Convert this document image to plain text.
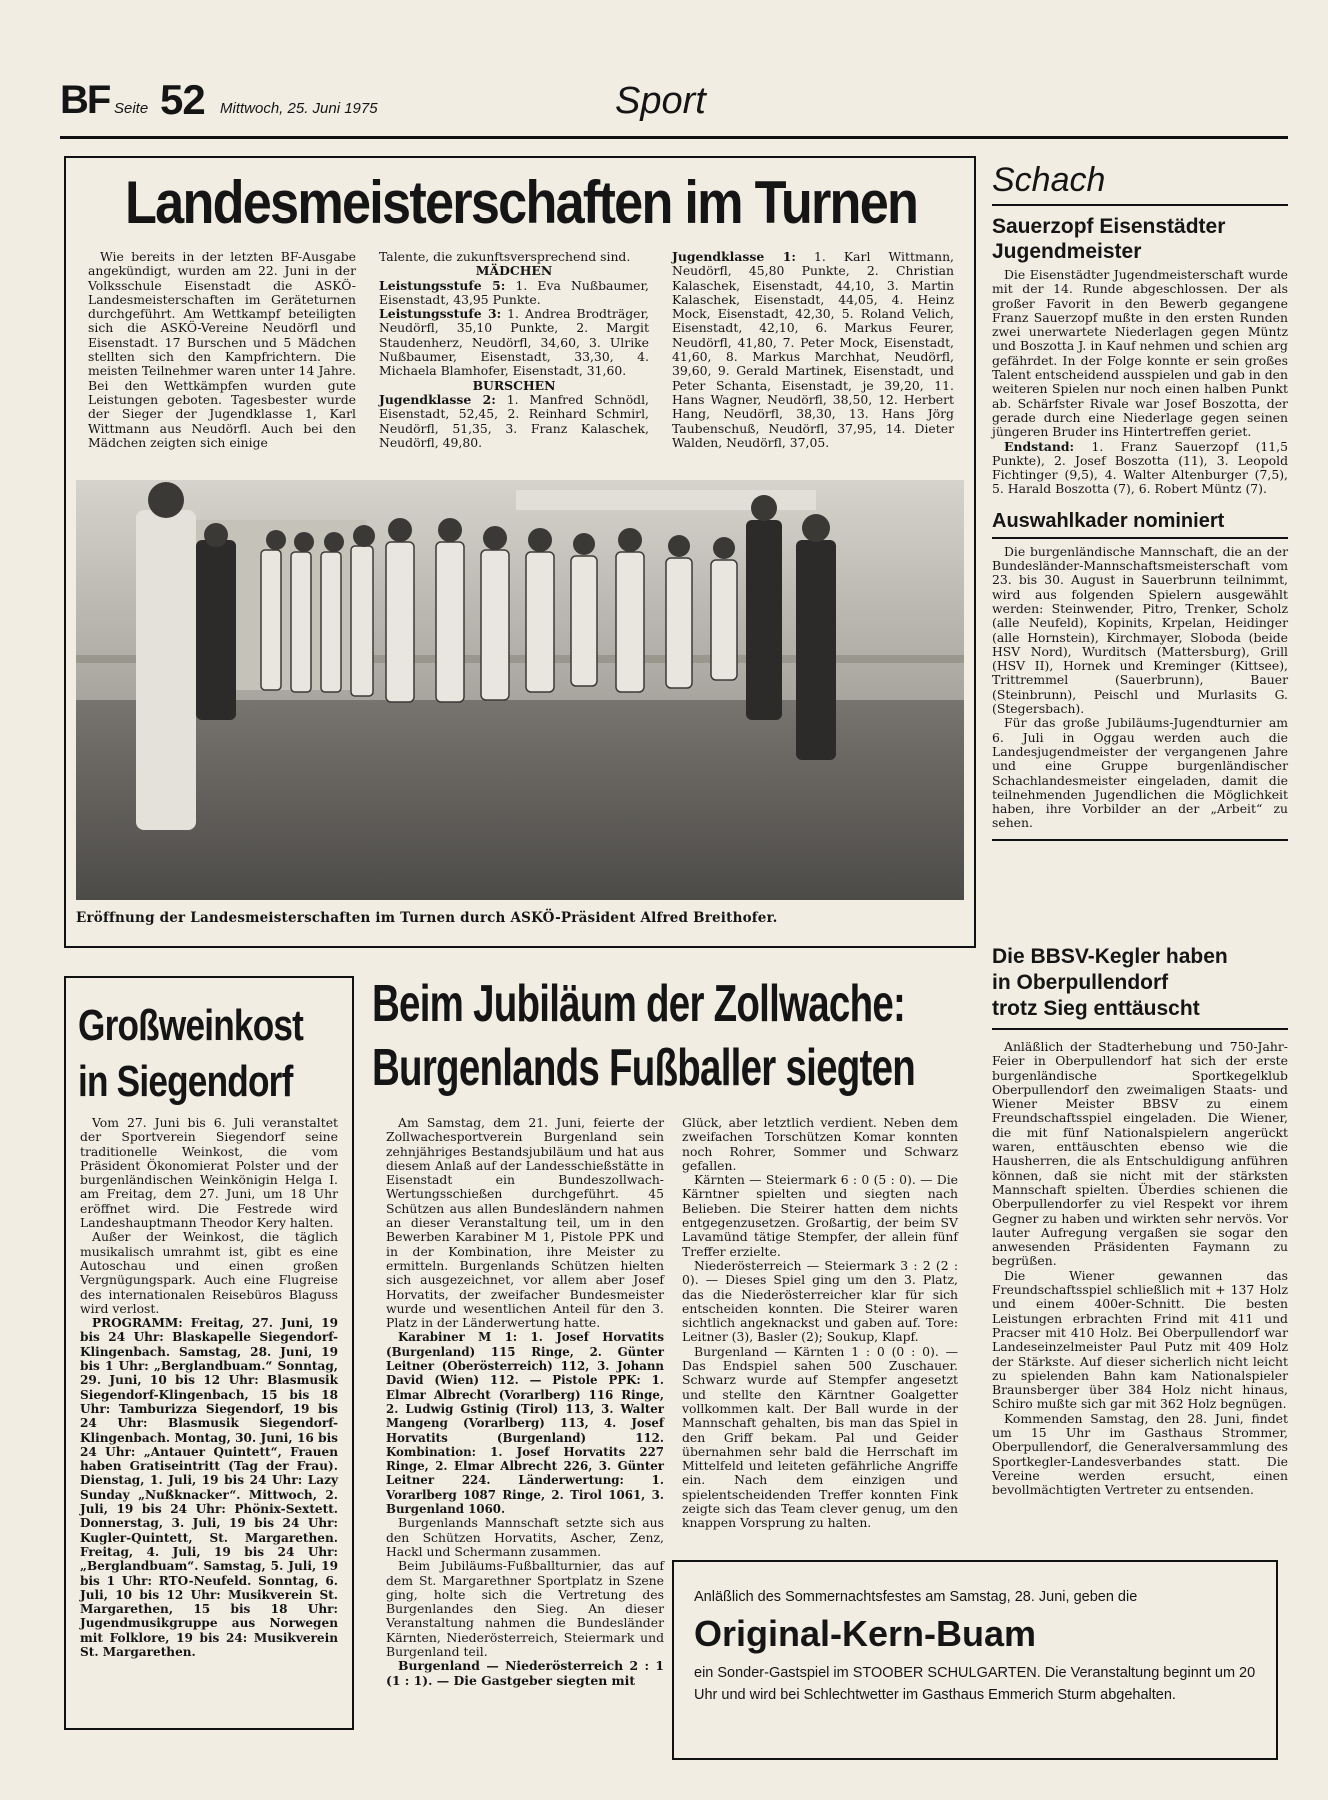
BF Seite 52 Mittwoch, 25. Juni 1975	Sport
Landesmeisterschaften im Turnen

Wie bereits in der letzten BF-Ausgabe angekündigt, wurden am 22. Juni in der Volksschule Eisenstadt die ASKÖ-Landesmeisterschaften im Geräteturnen durchgeführt. Am Wettkampf beteiligten sich die ASKÖ-Vereine Neudörfl und Eisenstadt. 17 Burschen und 5 Mädchen stellten sich den Kampfrichtern. Die meisten Teilnehmer waren unter 14 Jahre. Bei den Wettkämpfen wurden gute Leistungen geboten. Tagesbester wurde der Sieger der Jugendklasse 1, Karl Wittmann aus Neudörfl. Auch bei den Mädchen zeigten sich einige

Talente, die zukunftsversprechend sind.

MÄDCHEN

Leistungsstufe 5: 1. Eva Nußbaumer, Eisenstadt, 43,95 Punkte.

Leistungsstufe 3: 1. Andrea Brodträger, Neudörfl, 35,10 Punkte, 2. Margit Staudenherz, Neudörfl, 34,60, 3. Ulrike Nußbaumer, Eisenstadt, 33,30, 4. Michaela Blamhofer, Eisenstadt, 31,60.

BURSCHEN

Jugendklasse 2: 1. Manfred Schnödl, Eisenstadt, 52,45, 2. Reinhard Schmirl, Neudörfl, 51,35, 3. Franz Kalaschek, Neudörfl, 49,80.

Jugendklasse 1: 1. Karl Wittmann, Neudörfl, 45,80 Punkte, 2. Christian Kalaschek, Eisenstadt, 44,10, 3. Martin Kalaschek, Eisenstadt, 44,05, 4. Heinz Mock, Eisenstadt, 42,30, 5. Roland Velich, Eisenstadt, 42,10, 6. Markus Feurer, Neudörfl, 41,80, 7. Peter Mock, Eisenstadt, 41,60, 8. Markus Marchhat, Neudörfl, 39,60, 9. Gerald Martinek, Eisenstadt, und Peter Schanta, Eisenstadt, je 39,20, 11. Hans Wagner, Neudörfl, 38,50, 12. Herbert Hang, Neudörfl, 38,30, 13. Hans Jörg Taubenschuß, Neudörfl, 37,95, 14. Dieter Walden, Neudörfl, 37,05.

Eröffnung der Landesmeisterschaften im Turnen durch ASKÖ-Präsident Alfred Breithofer.
Schach
Sauerzopf Eisenstädter Jugendmeister

Die Eisenstädter Jugendmeisterschaft wurde mit der 14. Runde abgeschlossen. Der als großer Favorit in den Bewerb gegangene Franz Sauerzopf mußte in den ersten Runden zwei unerwartete Niederlagen gegen Müntz und Boszotta J. in Kauf nehmen und schien arg gefährdet. In der Folge konnte er sein großes Talent entscheidend ausspielen und gab in den weiteren Spielen nur noch einen halben Punkt ab. Schärfster Rivale war Josef Boszotta, der gerade durch eine Niederlage gegen seinen jüngeren Bruder ins Hintertreffen geriet.

Endstand: 1. Franz Sauerzopf (11,5 Punkte), 2. Josef Boszotta (11), 3. Leopold Fichtinger (9,5), 4. Walter Altenburger (7,5), 5. Harald Boszotta (7), 6. Robert Müntz (7).

Auswahlkader nominiert

Die burgenländische Mannschaft, die an der Bundesländer-Mannschaftsmeisterschaft vom 23. bis 30. August in Sauerbrunn teilnimmt, wird aus folgenden Spielern ausgewählt werden: Steinwender, Pitro, Trenker, Scholz (alle Neufeld), Kopinits, Krpelan, Heidinger (alle Hornstein), Kirchmayer, Sloboda (beide HSV Nord), Wurditsch (Mattersburg), Grill (HSV II), Hornek und Kreminger (Kittsee), Trittremmel (Sauerbrunn), Bauer (Steinbrunn), Peischl und Murlasits G. (Stegersbach).

Für das große Jubiläums-Jugendturnier am 6. Juli in Oggau werden auch die Landesjugendmeister der vergangenen Jahre und eine Gruppe burgenländischer Schachlandesmeister eingeladen, damit die teilnehmenden Jugendlichen die Möglichkeit haben, ihre Vorbilder an der „Arbeit“ zu sehen.

Die BBSV-Kegler haben
in Oberpullendorf
trotz Sieg enttäuscht

Anläßlich der Stadterhebung und 750-Jahr-Feier in Oberpullendorf hat sich der erste burgenländische Sportkegelklub Oberpullendorf den zweimaligen Staats- und Wiener Meister BBSV zu einem Freundschaftsspiel eingeladen. Die Wiener, die mit fünf Nationalspielern angerückt waren, enttäuschten ebenso wie die Hausherren, die als Entschuldigung anführen können, daß sie nicht mit der stärksten Mannschaft spielten. Überdies schienen die Oberpullendorfer zu viel Respekt vor ihrem Gegner zu haben und wirkten sehr nervös. Vor lauter Aufregung vergaßen sie sogar den anwesenden Präsidenten Faymann zu begrüßen.

Die Wiener gewannen das Freundschaftsspiel schließlich mit + 137 Holz und einem 400er-Schnitt. Die besten Leistungen erbrachten Frind mit 411 und Pracser mit 410 Holz. Bei Oberpullendorf war Landeseinzelmeister Paul Putz mit 409 Holz der Stärkste. Auf dieser sicherlich nicht leicht zu spielenden Bahn kam Nationalspieler Braunsberger über 384 Holz nicht hinaus, Schiro mußte sich gar mit 362 Holz begnügen.

Kommenden Samstag, den 28. Juni, findet um 15 Uhr im Gasthaus Strommer, Oberpullendorf, die Generalversammlung des Sportkegler-Landesverbandes statt. Die Vereine werden ersucht, einen bevollmächtigten Vertreter zu entsenden.

Großweinkost
in Siegendorf

Vom 27. Juni bis 6. Juli veranstaltet der Sportverein Siegendorf seine traditionelle Weinkost, die vom Präsident Ökonomierat Polster und der burgenländischen Weinkönigin Helga I. am Freitag, dem 27. Juni, um 18 Uhr eröffnet wird. Die Festrede wird Landeshauptmann Theodor Kery halten.

Außer der Weinkost, die täglich musikalisch umrahmt ist, gibt es eine Autoschau und einen großen Vergnügungspark. Auch eine Flugreise des internationalen Reisebüros Blaguss wird verlost.

PROGRAMM: Freitag, 27. Juni, 19 bis 24 Uhr: Blaskapelle Siegendorf-Klingenbach. Samstag, 28. Juni, 19 bis 1 Uhr: „Berglandbuam.“ Sonntag, 29. Juni, 10 bis 12 Uhr: Blasmusik Siegendorf-Klingenbach, 15 bis 18 Uhr: Tamburizza Siegendorf, 19 bis 24 Uhr: Blasmusik Siegendorf-Klingenbach. Montag, 30. Juni, 16 bis 24 Uhr: „Antauer Quintett“, Frauen haben Gratiseintritt (Tag der Frau). Dienstag, 1. Juli, 19 bis 24 Uhr: Lazy Sunday „Nußknacker“. Mittwoch, 2. Juli, 19 bis 24 Uhr: Phönix-Sextett. Donnerstag, 3. Juli, 19 bis 24 Uhr: Kugler-Quintett, St. Margarethen. Freitag, 4. Juli, 19 bis 24 Uhr: „Berglandbuam“. Samstag, 5. Juli, 19 bis 1 Uhr: RTO-Neufeld. Sonntag, 6. Juli, 10 bis 12 Uhr: Musikverein St. Margarethen, 15 bis 18 Uhr: Jugendmusikgruppe aus Norwegen mit Folklore, 19 bis 24: Musikverein St. Margarethen.

Beim Jubiläum der Zollwache:
Burgenlands Fußballer siegten

Am Samstag, dem 21. Juni, feierte der Zollwachesportverein Burgenland sein zehnjähriges Bestandsjubiläum und hat aus diesem Anlaß auf der Landesschießstätte in Eisenstadt ein Bundeszollwach-Wertungsschießen durchgeführt. 45 Schützen aus allen Bundesländern nahmen an dieser Veranstaltung teil, um in den Bewerben Karabiner M 1, Pistole PPK und in der Kombination, ihre Meister zu ermitteln. Burgenlands Schützen hielten sich ausgezeichnet, vor allem aber Josef Horvatits, der zweifacher Bundesmeister wurde und wesentlichen Anteil für den 3. Platz in der Länderwertung hatte.

Karabiner M 1: 1. Josef Horvatits (Burgenland) 115 Ringe, 2. Günter Leitner (Oberösterreich) 112, 3. Johann David (Wien) 112. — Pistole PPK: 1. Elmar Albrecht (Vorarlberg) 116 Ringe, 2. Ludwig Gstinig (Tirol) 113, 3. Walter Mangeng (Vorarlberg) 113, 4. Josef Horvatits (Burgenland) 112. Kombination: 1. Josef Horvatits 227 Ringe, 2. Elmar Albrecht 226, 3. Günter Leitner 224. Länderwertung: 1. Vorarlberg 1087 Ringe, 2. Tirol 1061, 3. Burgenland 1060.

Burgenlands Mannschaft setzte sich aus den Schützen Horvatits, Ascher, Zenz, Hackl und Schermann zusammen.

Beim Jubiläums-Fußballturnier, das auf dem St. Margarethner Sportplatz in Szene ging, holte sich die Vertretung des Burgenlandes den Sieg. An dieser Veranstaltung nahmen die Bundesländer Kärnten, Niederösterreich, Steiermark und Burgenland teil.

Burgenland — Niederösterreich 2 : 1 (1 : 1). — Die Gastgeber siegten mit

Glück, aber letztlich verdient. Neben dem zweifachen Torschützen Komar konnten noch Rohrer, Sommer und Schwarz gefallen.

Kärnten — Steiermark 6 : 0 (5 : 0). — Die Kärntner spielten und siegten nach Belieben. Die Steirer hatten dem nichts entgegenzusetzen. Großartig, der beim SV Lavamünd tätige Stempfer, der allein fünf Treffer erzielte.

Niederösterreich — Steiermark 3 : 2 (2 : 0). — Dieses Spiel ging um den 3. Platz, das die Niederösterreicher klar für sich entscheiden konnten. Die Steirer waren sichtlich angeknackst und gaben auf. Tore: Leitner (3), Basler (2); Soukup, Klapf.

Burgenland — Kärnten 1 : 0 (0 : 0). — Das Endspiel sahen 500 Zuschauer. Schwarz wurde auf Stempfer angesetzt und stellte den Kärntner Goalgetter vollkommen kalt. Der Ball wurde in der Mannschaft gehalten, bis man das Spiel in den Griff bekam. Pal und Geider übernahmen sehr bald die Herrschaft im Mittelfeld und leiteten gefährliche Angriffe ein. Nach dem einzigen und spielentscheidenden Treffer konnten Fink zeigte sich das Team clever genug, um den knappen Vorsprung zu halten.

Anläßlich des Sommernachtsfestes am Samstag, 28. Juni, geben die
Original-Kern-Buam
ein Sonder-Gastspiel im STOOBER SCHULGARTEN. Die Veranstaltung beginnt um 20 Uhr und wird bei Schlechtwetter im Gasthaus Emmerich Sturm abgehalten.
